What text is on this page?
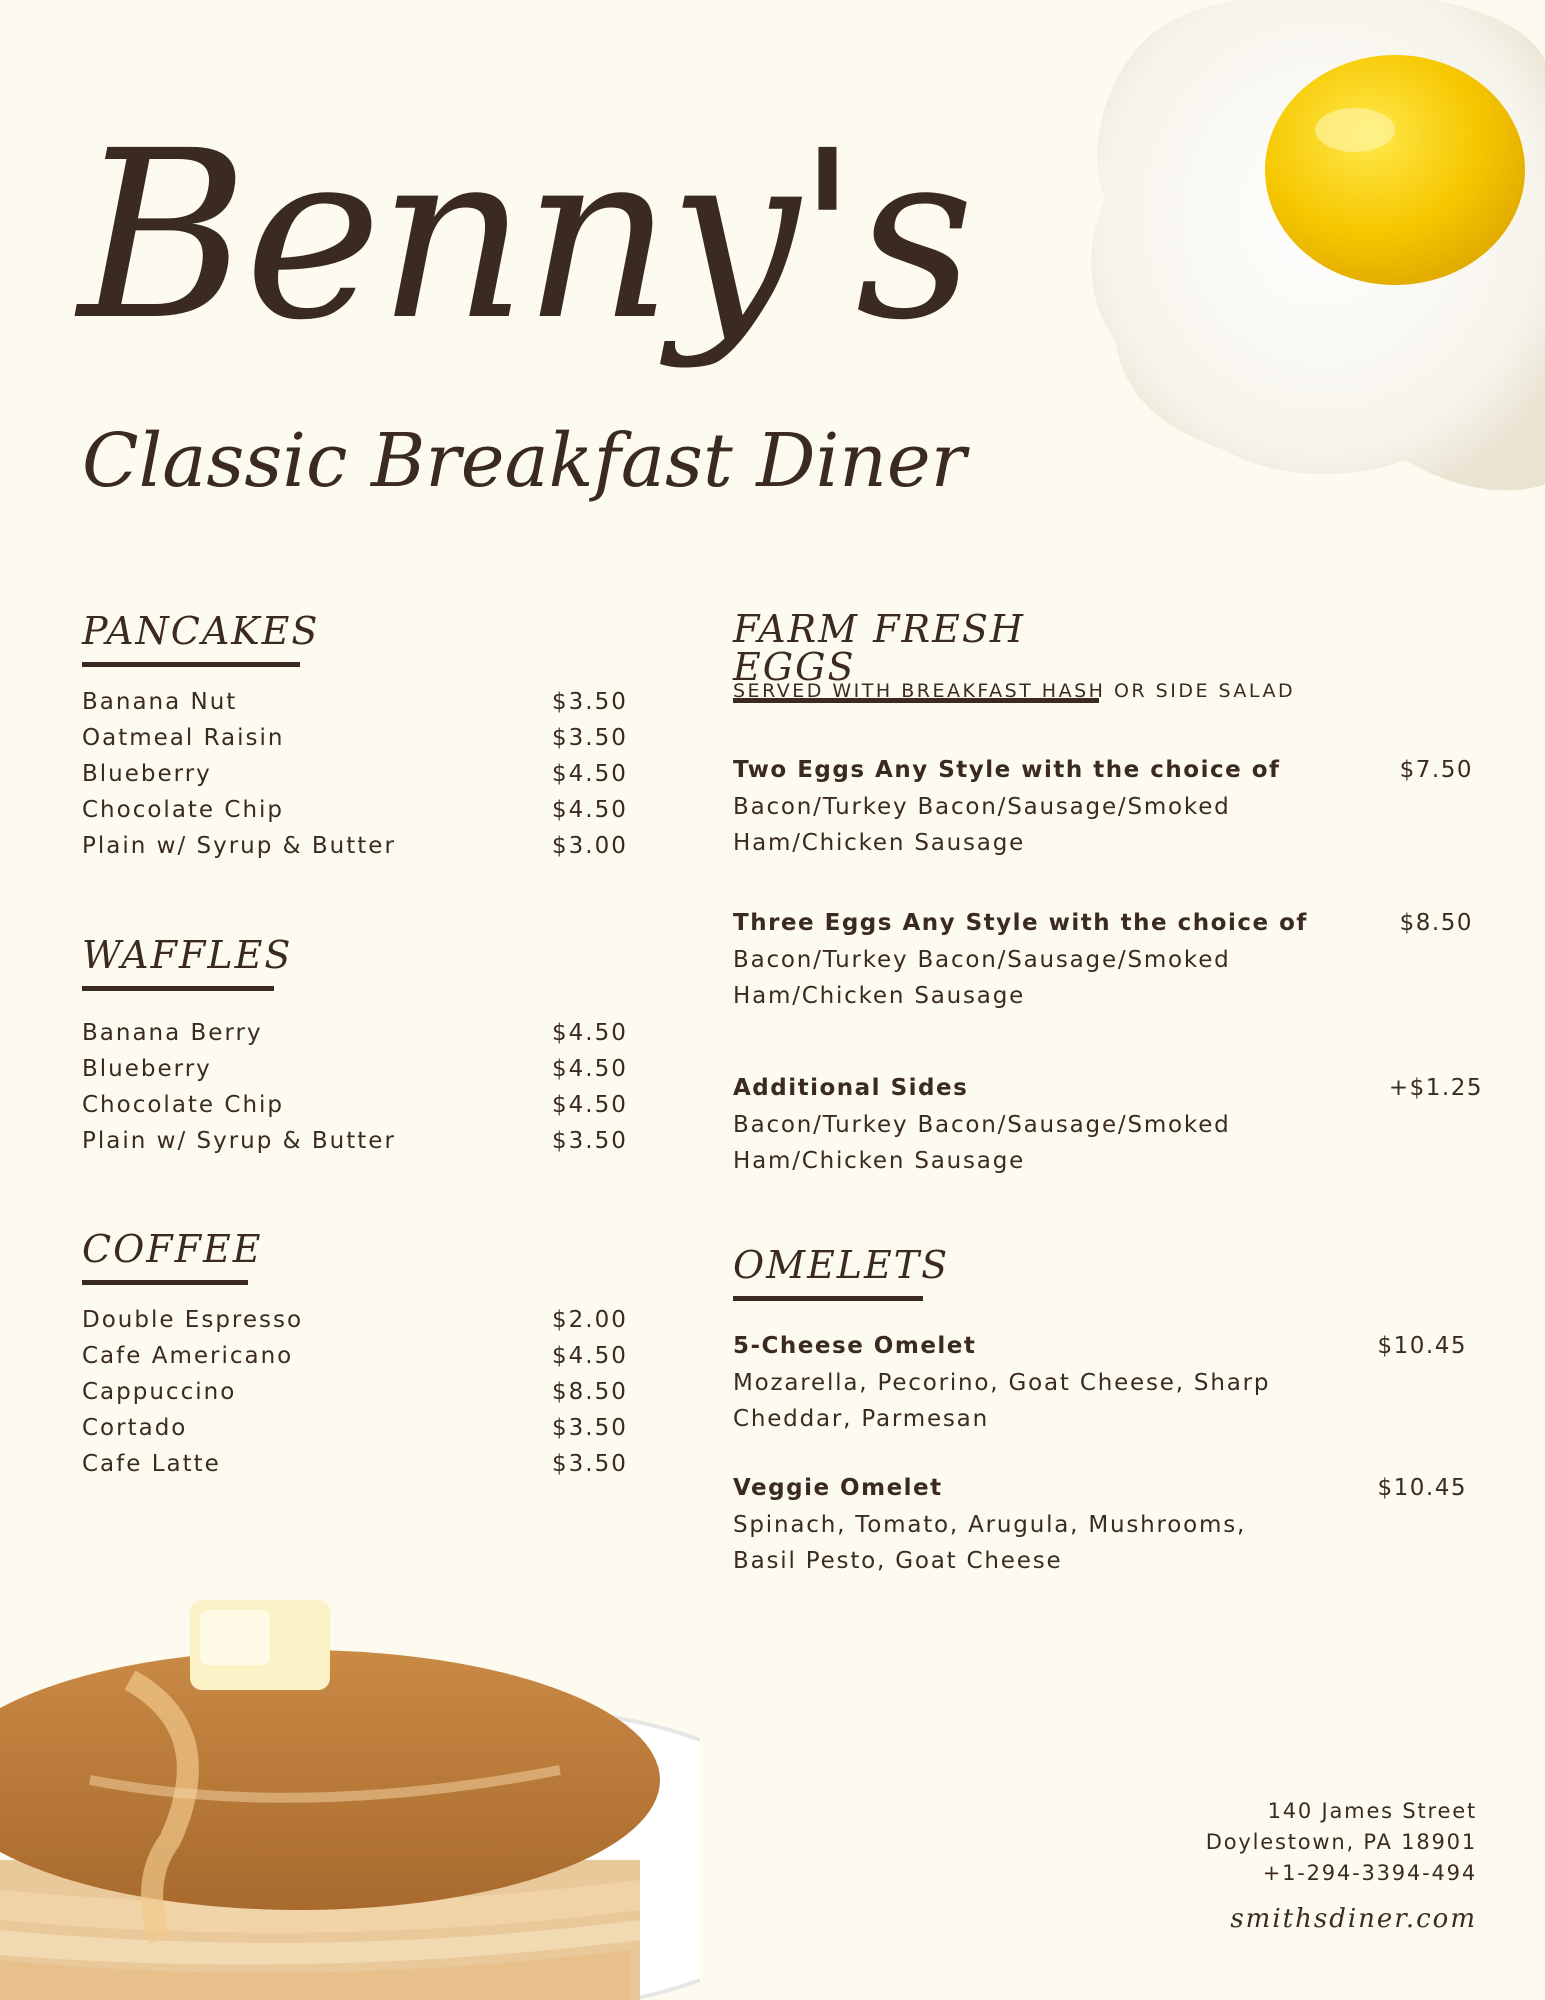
Benny's
Classic Breakfast Diner
PANCAKES
Banana Nut	$3.50
Oatmeal Raisin	$3.50
Blueberry	$4.50
Chocolate Chip	$4.50
Plain w/ Syrup & Butter	$3.00
WAFFLES
Banana Berry	$4.50
Blueberry	$4.50
Chocolate Chip	$4.50
Plain w/ Syrup & Butter	$3.50
COFFEE
Double Espresso	$2.00
Cafe Americano	$4.50
Cappuccino	$8.50
Cortado	$3.50
Cafe Latte	$3.50
FARM FRESH EGGS
SERVED WITH BREAKFAST HASH OR SIDE SALAD
Two Eggs Any Style with the choice of	$7.50
Bacon/Turkey Bacon/Sausage/Smoked Ham/Chicken Sausage
Three Eggs Any Style with the choice of	$8.50
Bacon/Turkey Bacon/Sausage/Smoked Ham/Chicken Sausage
Additional Sides	+$1.25
Bacon/Turkey Bacon/Sausage/Smoked Ham/Chicken Sausage
OMELETS
5-Cheese Omelet	$10.45
Mozarella, Pecorino, Goat Cheese, Sharp Cheddar, Parmesan
Veggie Omelet	$10.45
Spinach, Tomato, Arugula, Mushrooms, Basil Pesto, Goat Cheese
140 James Street
Doylestown, PA 18901
+1-294-3394-494
smithsdiner.com
